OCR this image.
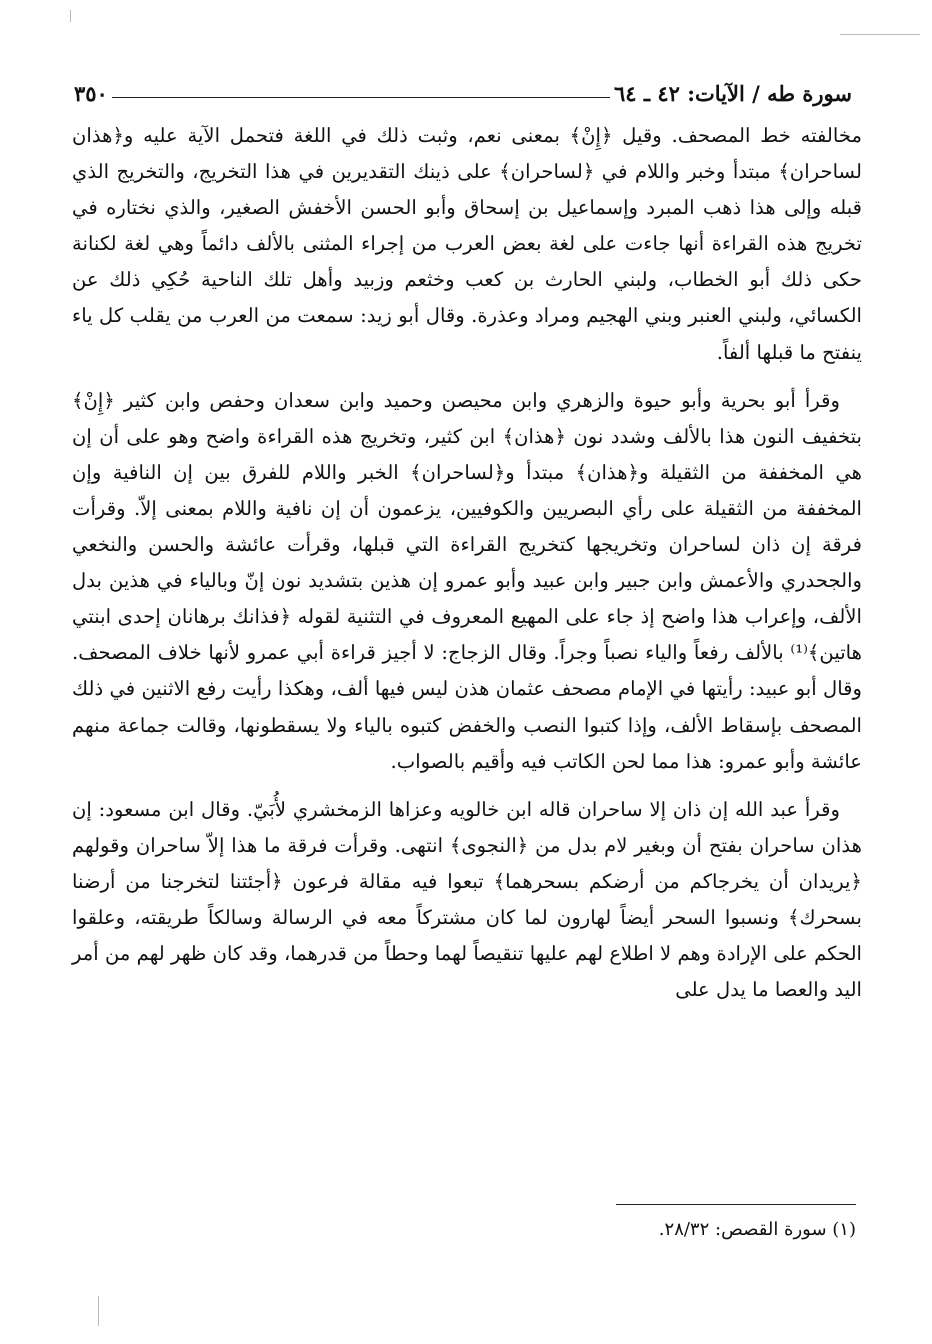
سورة طه / الآيات: ٤٢ ـ ٦٤
٣٥٠

مخالفته خط المصحف. وقيل ﴿إِنْ﴾ بمعنى نعم، وثبت ذلك في اللغة فتحمل الآية عليه و﴿هذان لساحران﴾ مبتدأ وخبر واللام في ﴿لساحران﴾ على ذينك التقديرين في هذا التخريج، والتخريج الذي قبله وإلى هذا ذهب المبرد وإسماعيل بن إسحاق وأبو الحسن الأخفش الصغير، والذي نختاره في تخريج هذه القراءة أنها جاءت على لغة بعض العرب من إجراء المثنى بالألف دائماً وهي لغة لكنانة حكى ذلك أبو الخطاب، ولبني الحارث بن كعب وخثعم وزبيد وأهل تلك الناحية حُكِي ذلك عن الكسائي، ولبني العنبر وبني الهجيم ومراد وعذرة. وقال أبو زيد: سمعت من العرب من يقلب كل ياء ينفتح ما قبلها ألفاً.

وقرأ أبو بحرية وأبو حيوة والزهري وابن محيصن وحميد وابن سعدان وحفص وابن كثير ﴿إِنْ﴾ بتخفيف النون هذا بالألف وشدد نون ﴿هذان﴾ ابن كثير، وتخريج هذه القراءة واضح وهو على أن إن هي المخففة من الثقيلة و﴿هذان﴾ مبتدأ و﴿لساحران﴾ الخبر واللام للفرق بين إن النافية وإن المخففة من الثقيلة على رأي البصريين والكوفيين، يزعمون أن إن نافية واللام بمعنى إلاّ. وقرأت فرقة إن ذان لساحران وتخريجها كتخريج القراءة التي قبلها، وقرأت عائشة والحسن والنخعي والجحدري والأعمش وابن جبير وابن عبيد وأبو عمرو إن هذين بتشديد نون إنّ وبالياء في هذين بدل الألف، وإعراب هذا واضح إذ جاء على المهيع المعروف في التثنية لقوله ﴿فذانك برهانان إحدى ابنتي هاتين﴾⁽¹⁾ بالألف رفعاً والياء نصباً وجراً. وقال الزجاج: لا أجيز قراءة أبي عمرو لأنها خلاف المصحف. وقال أبو عبيد: رأيتها في الإمام مصحف عثمان هذن ليس فيها ألف، وهكذا رأيت رفع الاثنين في ذلك المصحف بإسقاط الألف، وإذا كتبوا النصب والخفض كتبوه بالياء ولا يسقطونها، وقالت جماعة منهم عائشة وأبو عمرو: هذا مما لحن الكاتب فيه وأقيم بالصواب.

وقرأ عبد الله إن ذان إلا ساحران قاله ابن خالويه وعزاها الزمخشري لأُبَيّ. وقال ابن مسعود: إن هذان ساحران بفتح أن وبغير لام بدل من ﴿النجوى﴾ انتهى. وقرأت فرقة ما هذا إلاّ ساحران وقولهم ﴿يريدان أن يخرجاكم من أرضكم بسحرهما﴾ تبعوا فيه مقالة فرعون ﴿أجئتنا لتخرجنا من أرضنا بسحرك﴾ ونسبوا السحر أيضاً لهارون لما كان مشتركاً معه في الرسالة وسالكاً طريقته، وعلقوا الحكم على الإرادة وهم لا اطلاع لهم عليها تنقيصاً لهما وحطاً من قدرهما، وقد كان ظهر لهم من أمر اليد والعصا ما يدل على

(١) سورة القصص: ٢٨/٣٢.
